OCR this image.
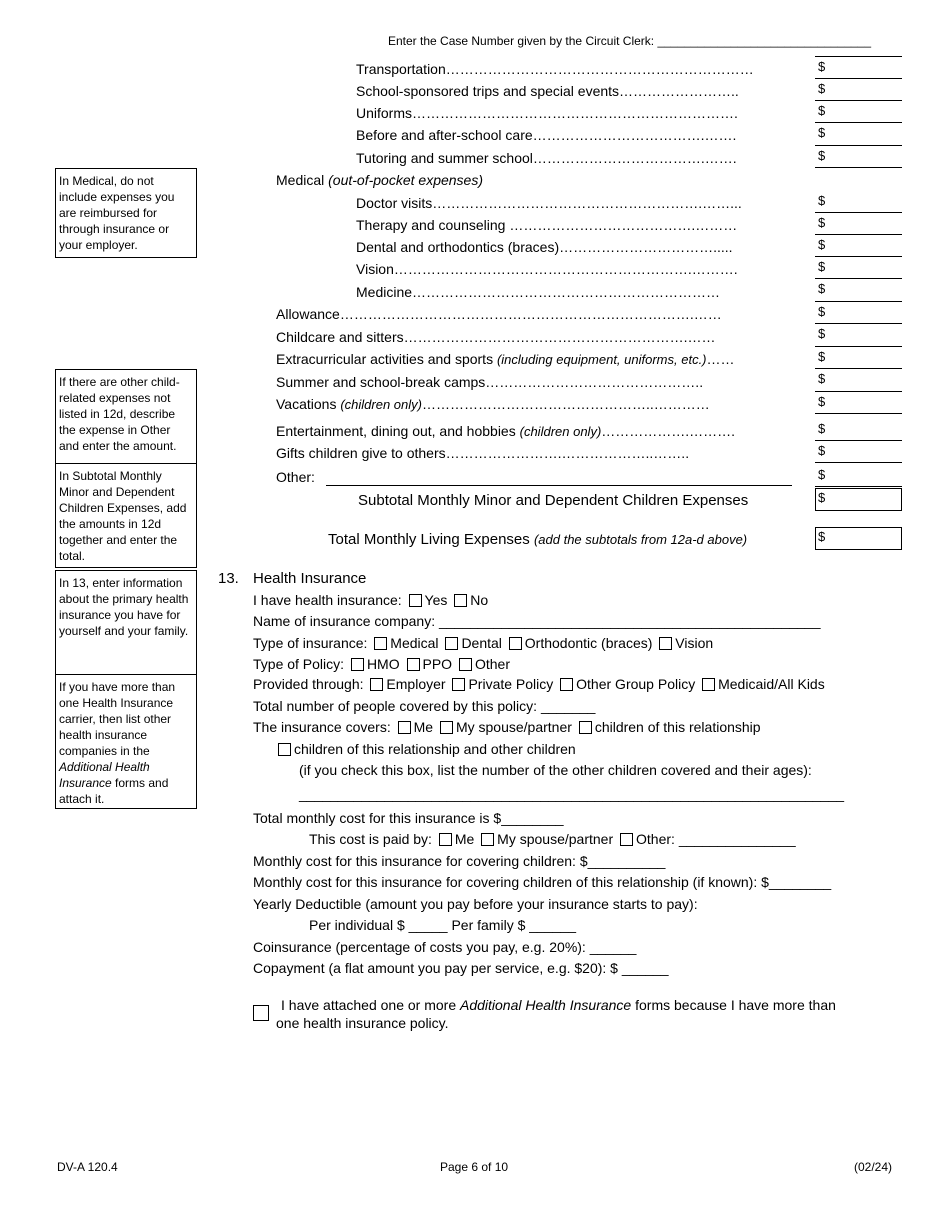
Enter the Case Number given by the Circuit Clerk: ________________________________
Transportation…………………………………………………………
School-sponsored trips and special events……………………..
Uniforms…………………………………………………………….
Before and after-school care……………………………….…….
Tutoring and summer school……………………………….…….
Medical (out-of-pocket expenses)
Doctor visits………………………………………………….……...
Therapy and counseling ………………………………….………
Dental and orthodontics (braces)…………………………….....
Vision……………………………………………………….……….
Medicine…………………………………………………………
Allowance………………………………………………………………….……
Childcare and sitters…………………………………………………….……
Extracurricular activities and sports (including equipment, uniforms, etc.)……
Summer and school-break camps………………………………………..
Vacations (children only)…………………………………………..…………
Entertainment, dining out, and hobbies (children only)……………….……….
Gifts children give to others…………………….………………..……..
Other:
Subtotal Monthly Minor and Dependent Children Expenses
Total Monthly Living Expenses (add the subtotals from 12a-d above)
$
$
$
$
$
$
$
$
$
$
$
$
$
$
$
$
$
$
$
$
In Medical, do not include expenses you are reimbursed for through insurance or your employer.
If there are other child-related expenses not listed in 12d, describe the expense in Other and enter the amount.
In Subtotal Monthly Minor and Dependent Children Expenses, add the amounts in 12d together and enter the total.
In 13, enter information about the primary health insurance you have for yourself and your family.
If you have more than one Health Insurance carrier, then list other health insurance companies in the Additional Health Insurance forms and attach it.
13. Health Insurance
I have health insurance: Yes No
Name of insurance company: _________________________________________________
Type of insurance: Medical Dental Orthodontic (braces) Vision
Type of Policy: HMO PPO Other
Provided through: Employer Private Policy Other Group Policy Medicaid/All Kids
Total number of people covered by this policy: _______
The insurance covers: Me My spouse/partner children of this relationship
children of this relationship and other children
(if you check this box, list the number of the other children covered and their ages):
______________________________________________________________________
Total monthly cost for this insurance is $________
This cost is paid by: Me My spouse/partner Other: _______________
Monthly cost for this insurance for covering children: $__________
Monthly cost for this insurance for covering children of this relationship (if known): $________
Yearly Deductible (amount you pay before your insurance starts to pay):
Per individual $ _____ Per family $ ______
Coinsurance (percentage of costs you pay, e.g. 20%): ______
Copayment (a flat amount you pay per service, e.g. $20): $ ______
I have attached one or more Additional Health Insurance forms because I have more than
one health insurance policy.
DV-A 120.4	Page 6 of 10	(02/24)
